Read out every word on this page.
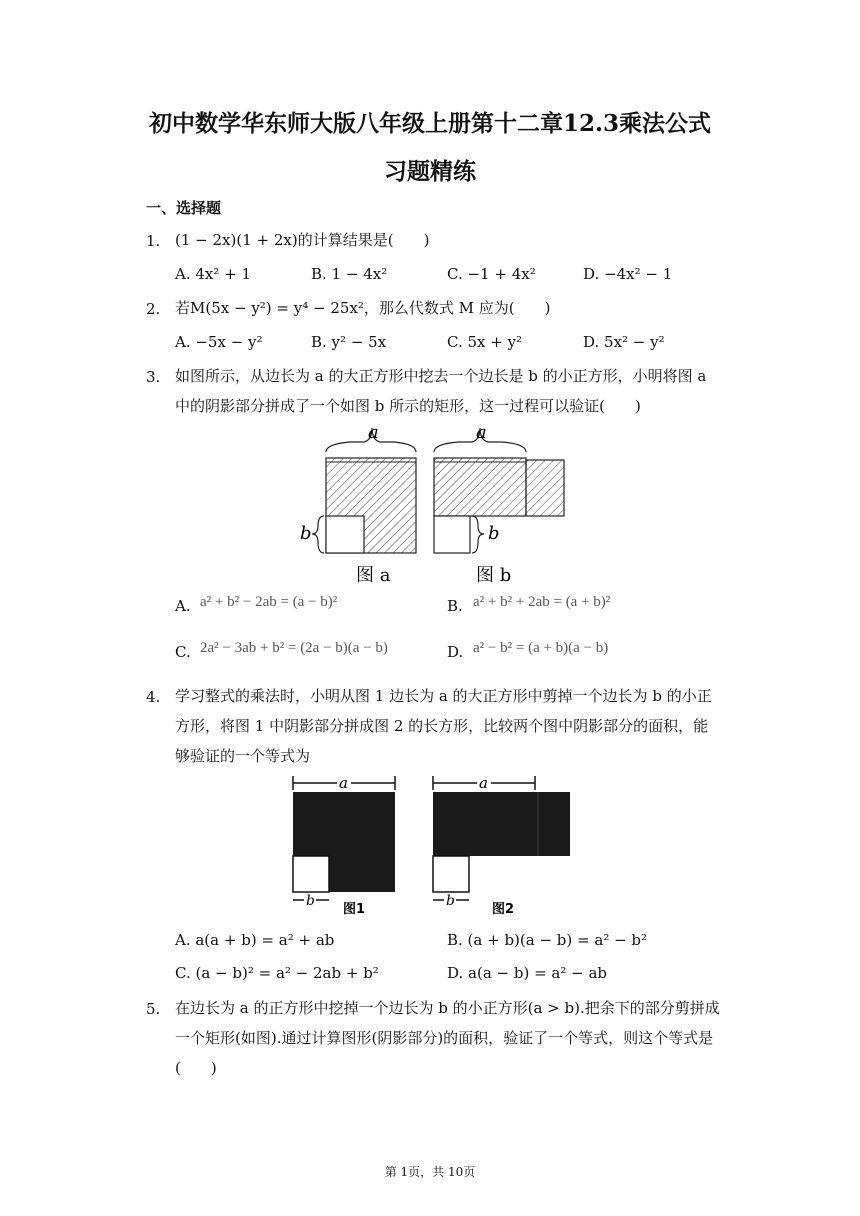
初中数学华东师大版八年级上册第十二章12.3乘法公式
习题精练
一、选择题
1. (1 − 2x)(1 + 2x)的计算结果是(　　)
A. 4x² + 1	B. 1 − 4x²	C. −1 + 4x²	D. −4x² − 1
2. 若M(5x − y²) = y⁴ − 25x²，那么代数式 M 应为(　　)
A. −5x − y²	B. y² − 5x	C. 5x + y²	D. 5x² − y²
3. 如图所示，从边长为 a 的大正方形中挖去一个边长是 b 的小正方形，小明将图 a 中的阴影部分拼成了一个如图 b 所示的矩形，这一过程可以验证(　　)
a
b
图 a
a
b
图 b
A. a² + b² − 2ab = (a − b)²	B. a² + b² + 2ab = (a + b)²
C. 2a² − 3ab + b² = (2a − b)(a − b)	D. a² − b² = (a + b)(a − b)
4. 学习整式的乘法时，小明从图 1 边长为 a 的大正方形中剪掉一个边长为 b 的小正方形，将图 1 中阴影部分拼成图 2 的长方形，比较两个图中阴影部分的面积，能够验证的一个等式为
a
b
图1
a
b
图2
A. a(a + b) = a² + ab	B. (a + b)(a − b) = a² − b²
C. (a − b)² = a² − 2ab + b²	D. a(a − b) = a² − ab
5. 在边长为 a 的正方形中挖掉一个边长为 b 的小正方形(a > b).把余下的部分剪拼成一个矩形(如图).通过计算图形(阴影部分)的面积，验证了一个等式，则这个等式是(　　)
第 1页，共 10页
